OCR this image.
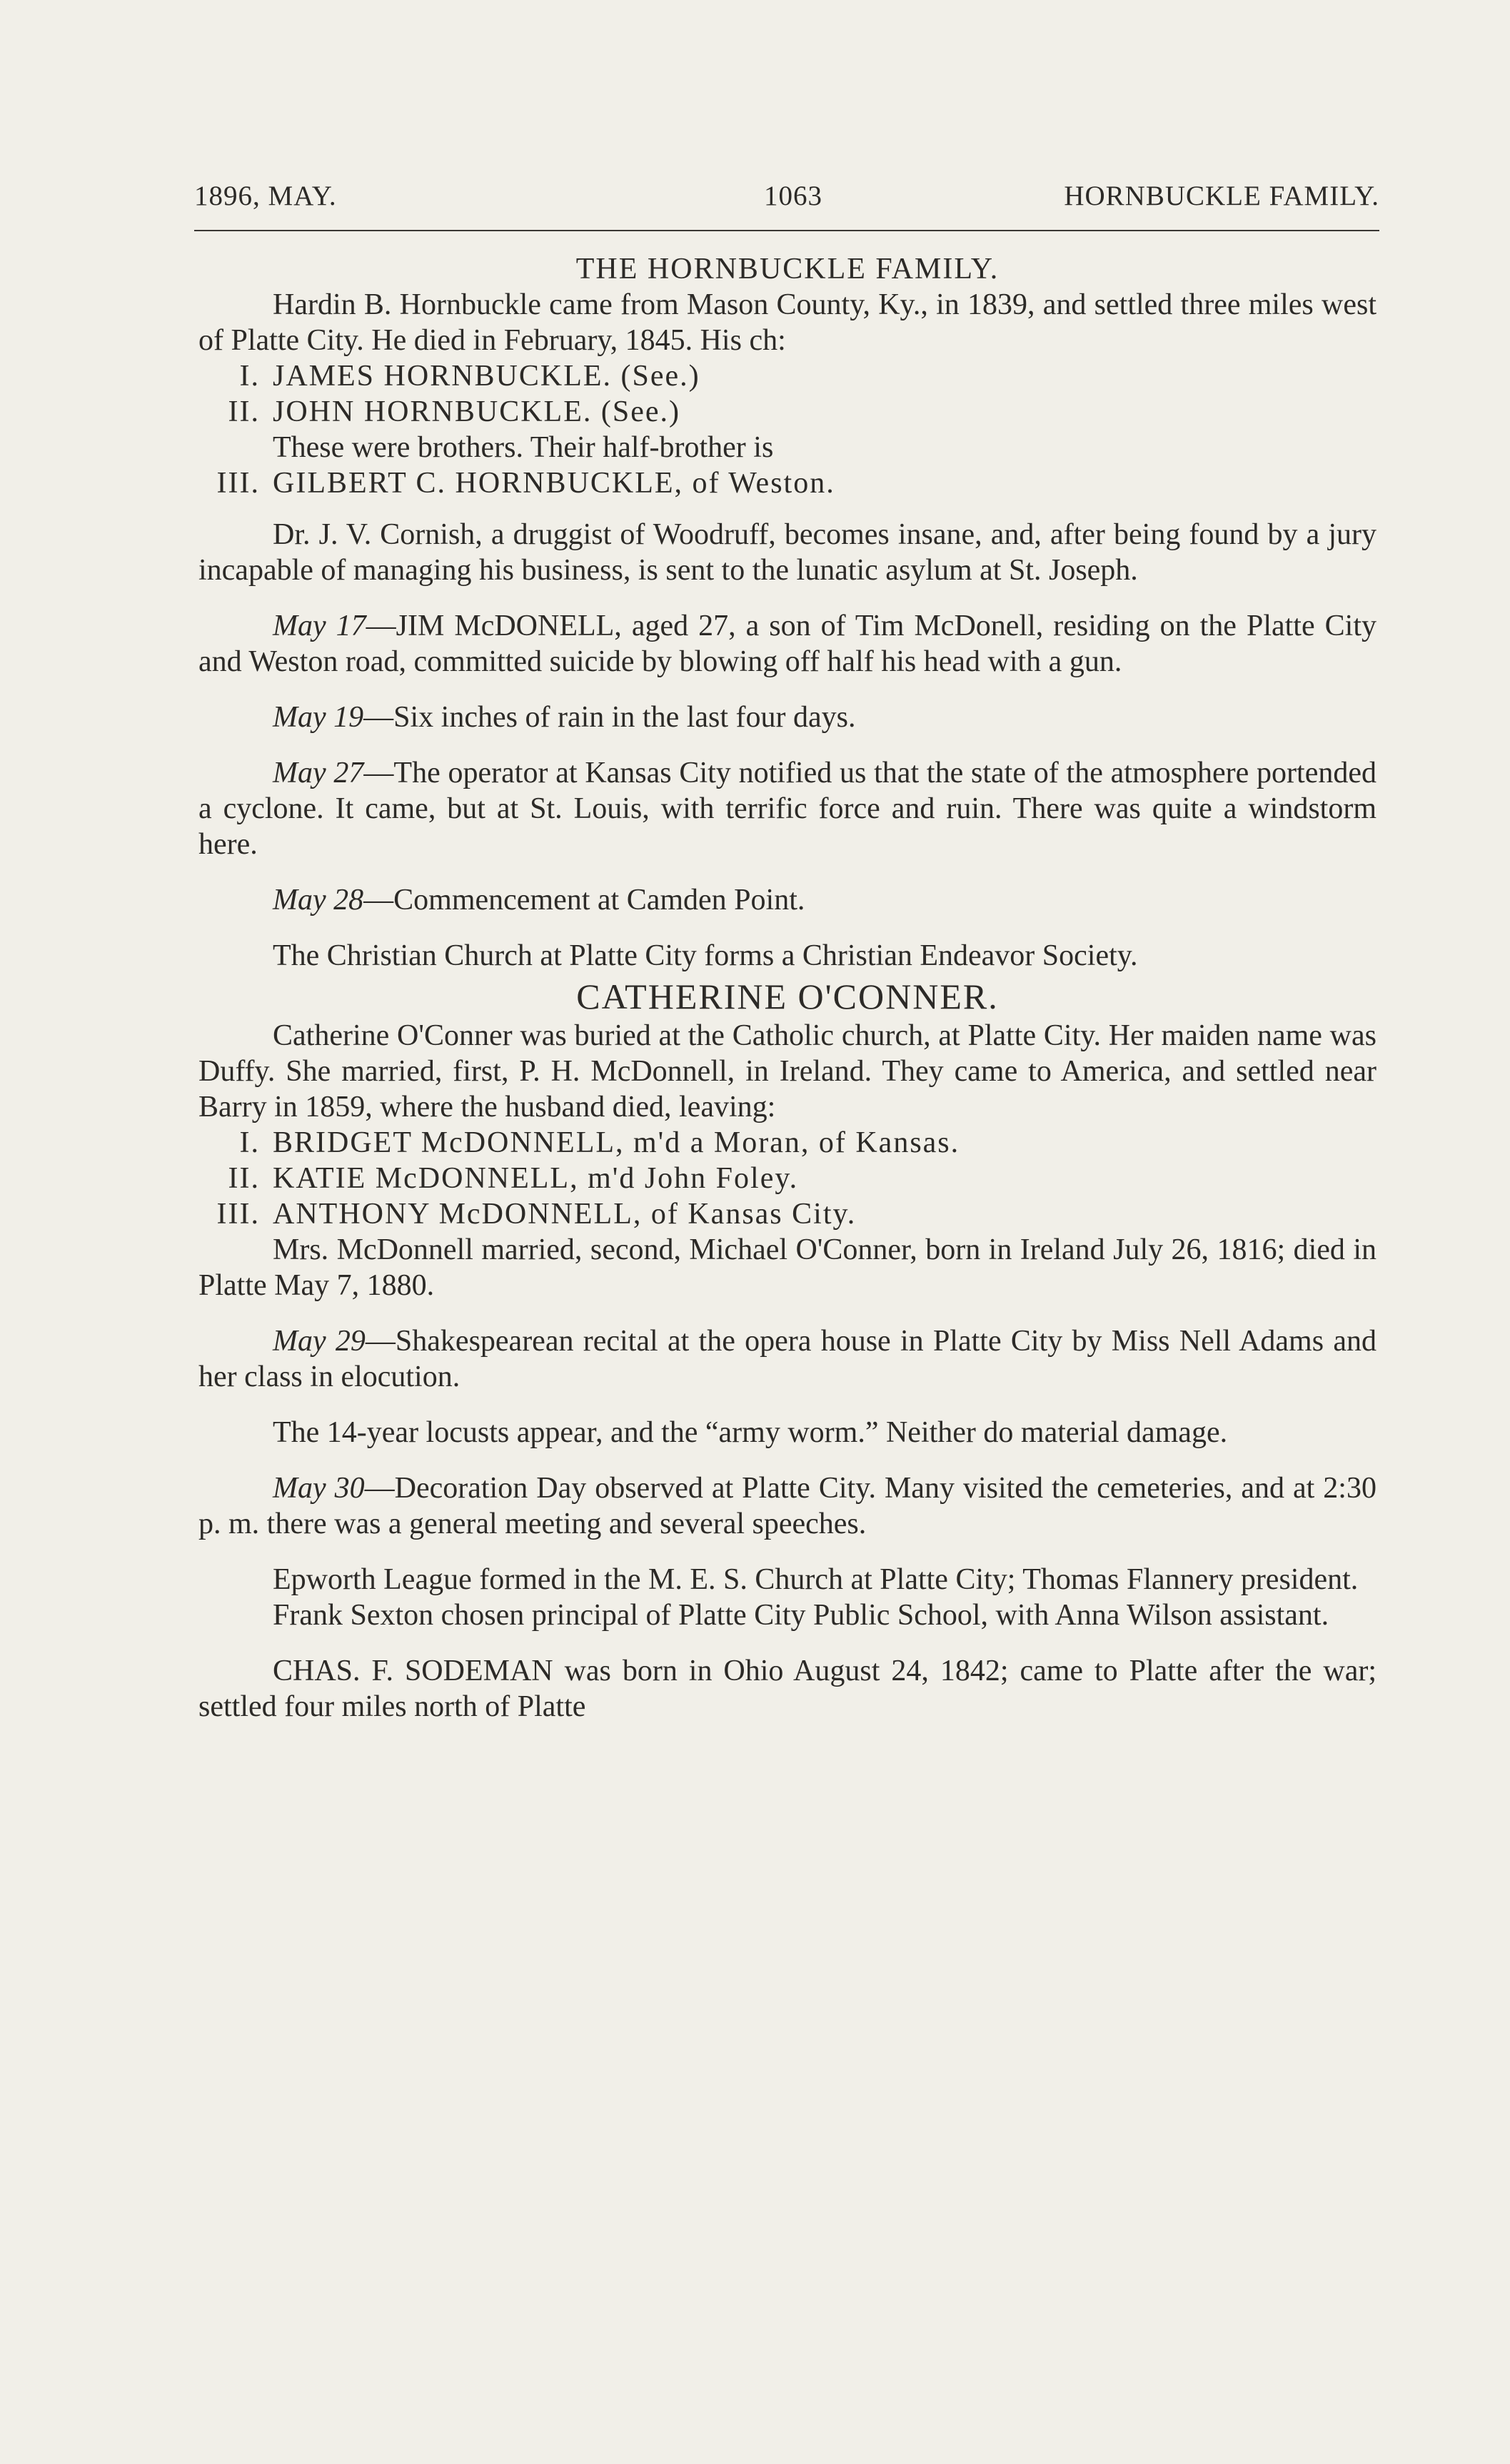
1896, MAY.	1063	HORNBUCKLE FAMILY.
THE HORNBUCKLE FAMILY.

Hardin B. Hornbuckle came from Mason County, Ky., in 1839, and settled three miles west of Platte City. He died in February, 1845. His ch:

I. JAMES HORNBUCKLE. (See.)
II. JOHN HORNBUCKLE. (See.)

These were brothers. Their half-brother is

III. GILBERT C. HORNBUCKLE, of Weston.

Dr. J. V. Cornish, a druggist of Woodruff, becomes insane, and, after being found by a jury incapable of managing his business, is sent to the lunatic asylum at St. Joseph.

May 17—JIM McDONELL, aged 27, a son of Tim McDonell, residing on the Platte City and Weston road, committed suicide by blowing off half his head with a gun.

May 19—Six inches of rain in the last four days.

May 27—The operator at Kansas City notified us that the state of the atmosphere portended a cyclone. It came, but at St. Louis, with terrific force and ruin. There was quite a windstorm here.

May 28—Commencement at Camden Point.

The Christian Church at Platte City forms a Christian Endeavor Society.

CATHERINE O'CONNER.

Catherine O'Conner was buried at the Catholic church, at Platte City. Her maiden name was Duffy. She married, first, P. H. McDonnell, in Ireland. They came to America, and settled near Barry in 1859, where the husband died, leaving:

I. BRIDGET McDONNELL, m'd a Moran, of Kansas.
II. KATIE McDONNELL, m'd John Foley.
III. ANTHONY McDONNELL, of Kansas City.

Mrs. McDonnell married, second, Michael O'Conner, born in Ireland July 26, 1816; died in Platte May 7, 1880.

May 29—Shakespearean recital at the opera house in Platte City by Miss Nell Adams and her class in elocution.

The 14-year locusts appear, and the “army worm.” Neither do material damage.

May 30—Decoration Day observed at Platte City. Many visited the cemeteries, and at 2:30 p. m. there was a general meeting and several speeches.

Epworth League formed in the M. E. S. Church at Platte City; Thomas Flannery president.

Frank Sexton chosen principal of Platte City Public School, with Anna Wilson assistant.

CHAS. F. SODEMAN was born in Ohio August 24, 1842; came to Platte after the war; settled four miles north of Platte
